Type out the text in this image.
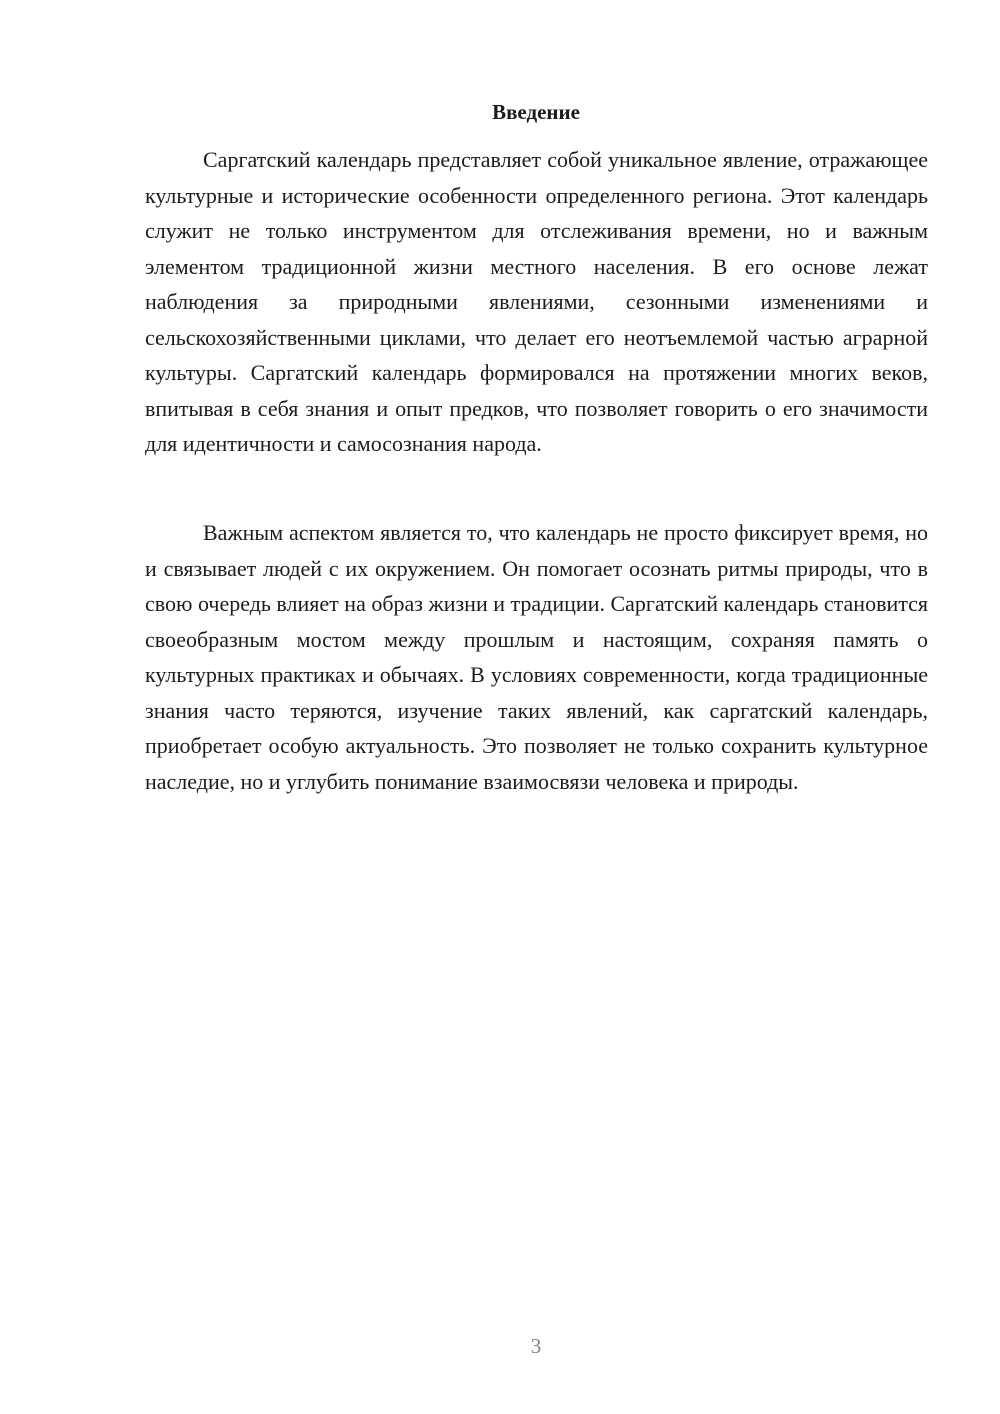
Введение

Саргатский календарь представляет собой уникальное явление, отражающее культурные и исторические особенности определенного региона. Этот календарь служит не только инструментом для отслеживания времени, но и важным элементом традиционной жизни местного населения. В его основе лежат наблюдения за природными явлениями, сезонными изменениями и сельскохозяйственными циклами, что делает его неотъемлемой частью аграрной культуры. Саргатский календарь формировался на протяжении многих веков, впитывая в себя знания и опыт предков, что позволяет говорить о его значимости для идентичности и самосознания народа.

Важным аспектом является то, что календарь не просто фиксирует время, но и связывает людей с их окружением. Он помогает осознать ритмы природы, что в свою очередь влияет на образ жизни и традиции. Саргатский календарь становится своеобразным мостом между прошлым и настоящим, сохраняя память о культурных практиках и обычаях. В условиях современности, когда традиционные знания часто теряются, изучение таких явлений, как саргатский календарь, приобретает особую актуальность. Это позволяет не только сохранить культурное наследие, но и углубить понимание взаимосвязи человека и природы.

3
